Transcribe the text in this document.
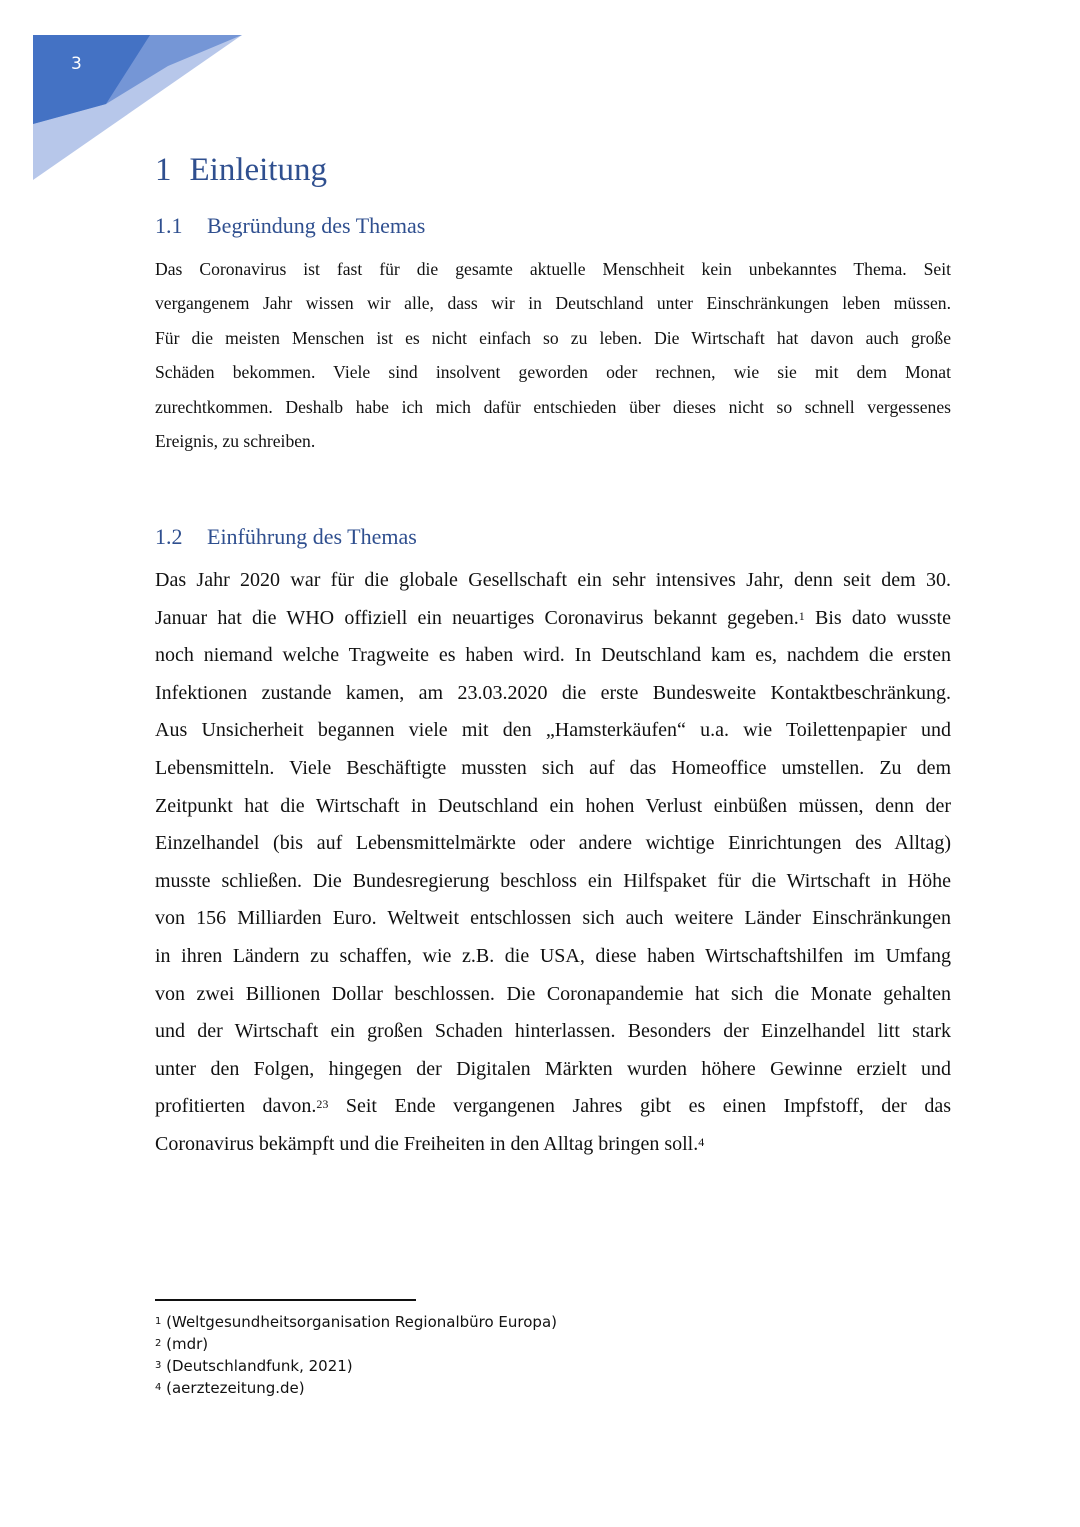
3
1 Einleitung
1.1 Begründung des Themas
Das Coronavirus ist fast für die gesamte aktuelle Menschheit kein unbekanntes Thema. Seit
vergangenem Jahr wissen wir alle, dass wir in Deutschland unter Einschränkungen leben müssen.
Für die meisten Menschen ist es nicht einfach so zu leben. Die Wirtschaft hat davon auch große
Schäden bekommen. Viele sind insolvent geworden oder rechnen, wie sie mit dem Monat
zurechtkommen. Deshalb habe ich mich dafür entschieden über dieses nicht so schnell vergessenes
Ereignis, zu schreiben.
1.2 Einführung des Themas
Das Jahr 2020 war für die globale Gesellschaft ein sehr intensives Jahr, denn seit dem 30.
Januar hat die WHO offiziell ein neuartiges Coronavirus bekannt gegeben.$^1$ Bis dato wusste
noch niemand welche Tragweite es haben wird. In Deutschland kam es, nachdem die ersten
Infektionen zustande kamen, am 23.03.2020 die erste Bundesweite Kontaktbeschränkung.
Aus Unsicherheit begannen viele mit den „Hamsterkäufen“ u.a. wie Toilettenpapier und
Lebensmitteln. Viele Beschäftigte mussten sich auf das Homeoffice umstellen. Zu dem
Zeitpunkt hat die Wirtschaft in Deutschland ein hohen Verlust einbüßen müssen, denn der
Einzelhandel (bis auf Lebensmittelmärkte oder andere wichtige Einrichtungen des Alltag)
musste schließen. Die Bundesregierung beschloss ein Hilfspaket für die Wirtschaft in Höhe
von 156 Milliarden Euro. Weltweit entschlossen sich auch weitere Länder Einschränkungen
in ihren Ländern zu schaffen, wie z.B. die USA, diese haben Wirtschaftshilfen im Umfang
von zwei Billionen Dollar beschlossen. Die Coronapandemie hat sich die Monate gehalten
und der Wirtschaft ein großen Schaden hinterlassen. Besonders der Einzelhandel litt stark
unter den Folgen, hingegen der Digitalen Märkten wurden höhere Gewinne erzielt und
profitierten davon.$^{23}$ Seit Ende vergangenen Jahres gibt es einen Impfstoff, der das
Coronavirus bekämpft und die Freiheiten in den Alltag bringen soll.$^4$
$^1$ (Weltgesundheitsorganisation Regionalbüro Europa)
$^2$ (mdr)
$^3$ (Deutschlandfunk, 2021)
$^4$ (aerztezeitung.de)
